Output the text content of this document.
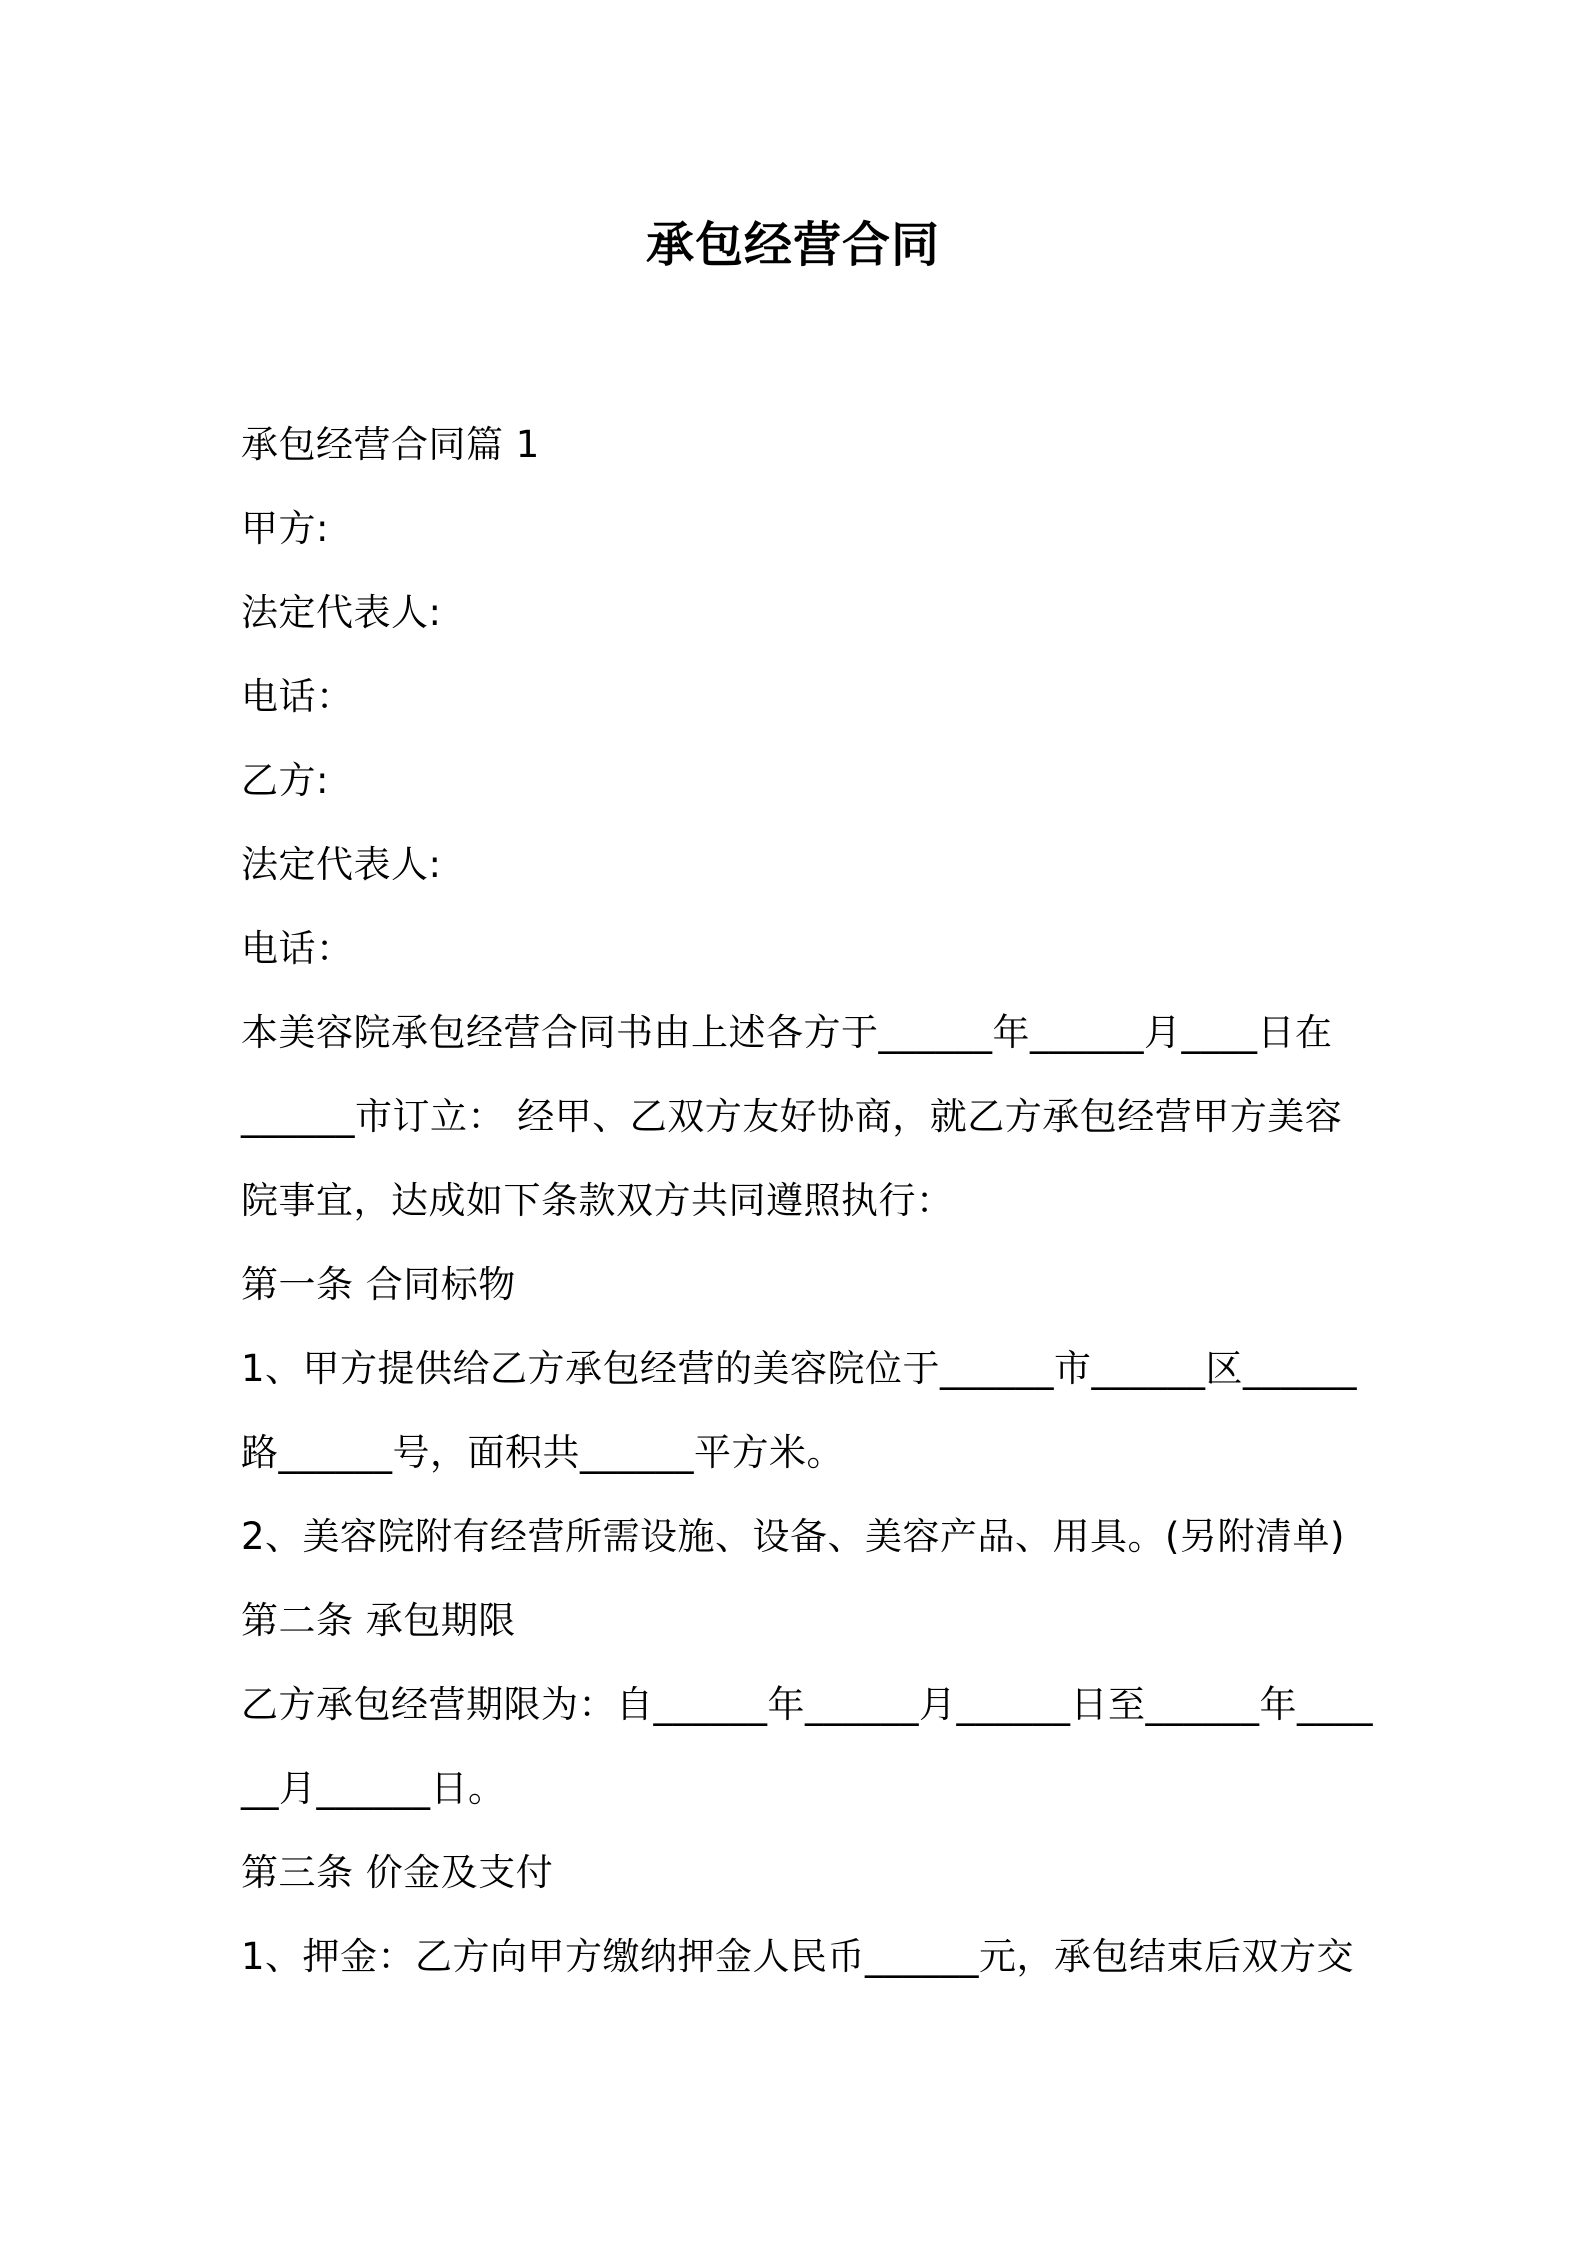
承包经营合同
承包经营合同篇 1
甲方:
法定代表人:
电话：
乙方:
法定代表人:
电话：
本美容院承包经营合同书由上述各方于______年______月____日在
______市订立： 经甲、乙双方友好协商，就乙方承包经营甲方美容
院事宜，达成如下条款双方共同遵照执行：
第一条 合同标物
1、甲方提供给乙方承包经营的美容院位于______市______区______
路______号，面积共______平方米。
2、美容院附有经营所需设施、设备、美容产品、用具。(另附清单)
第二条 承包期限
乙方承包经营期限为：自______年______月______日至______年____
__月______日。
第三条 价金及支付
1、押金：乙方向甲方缴纳押金人民币______元，承包结束后双方交
